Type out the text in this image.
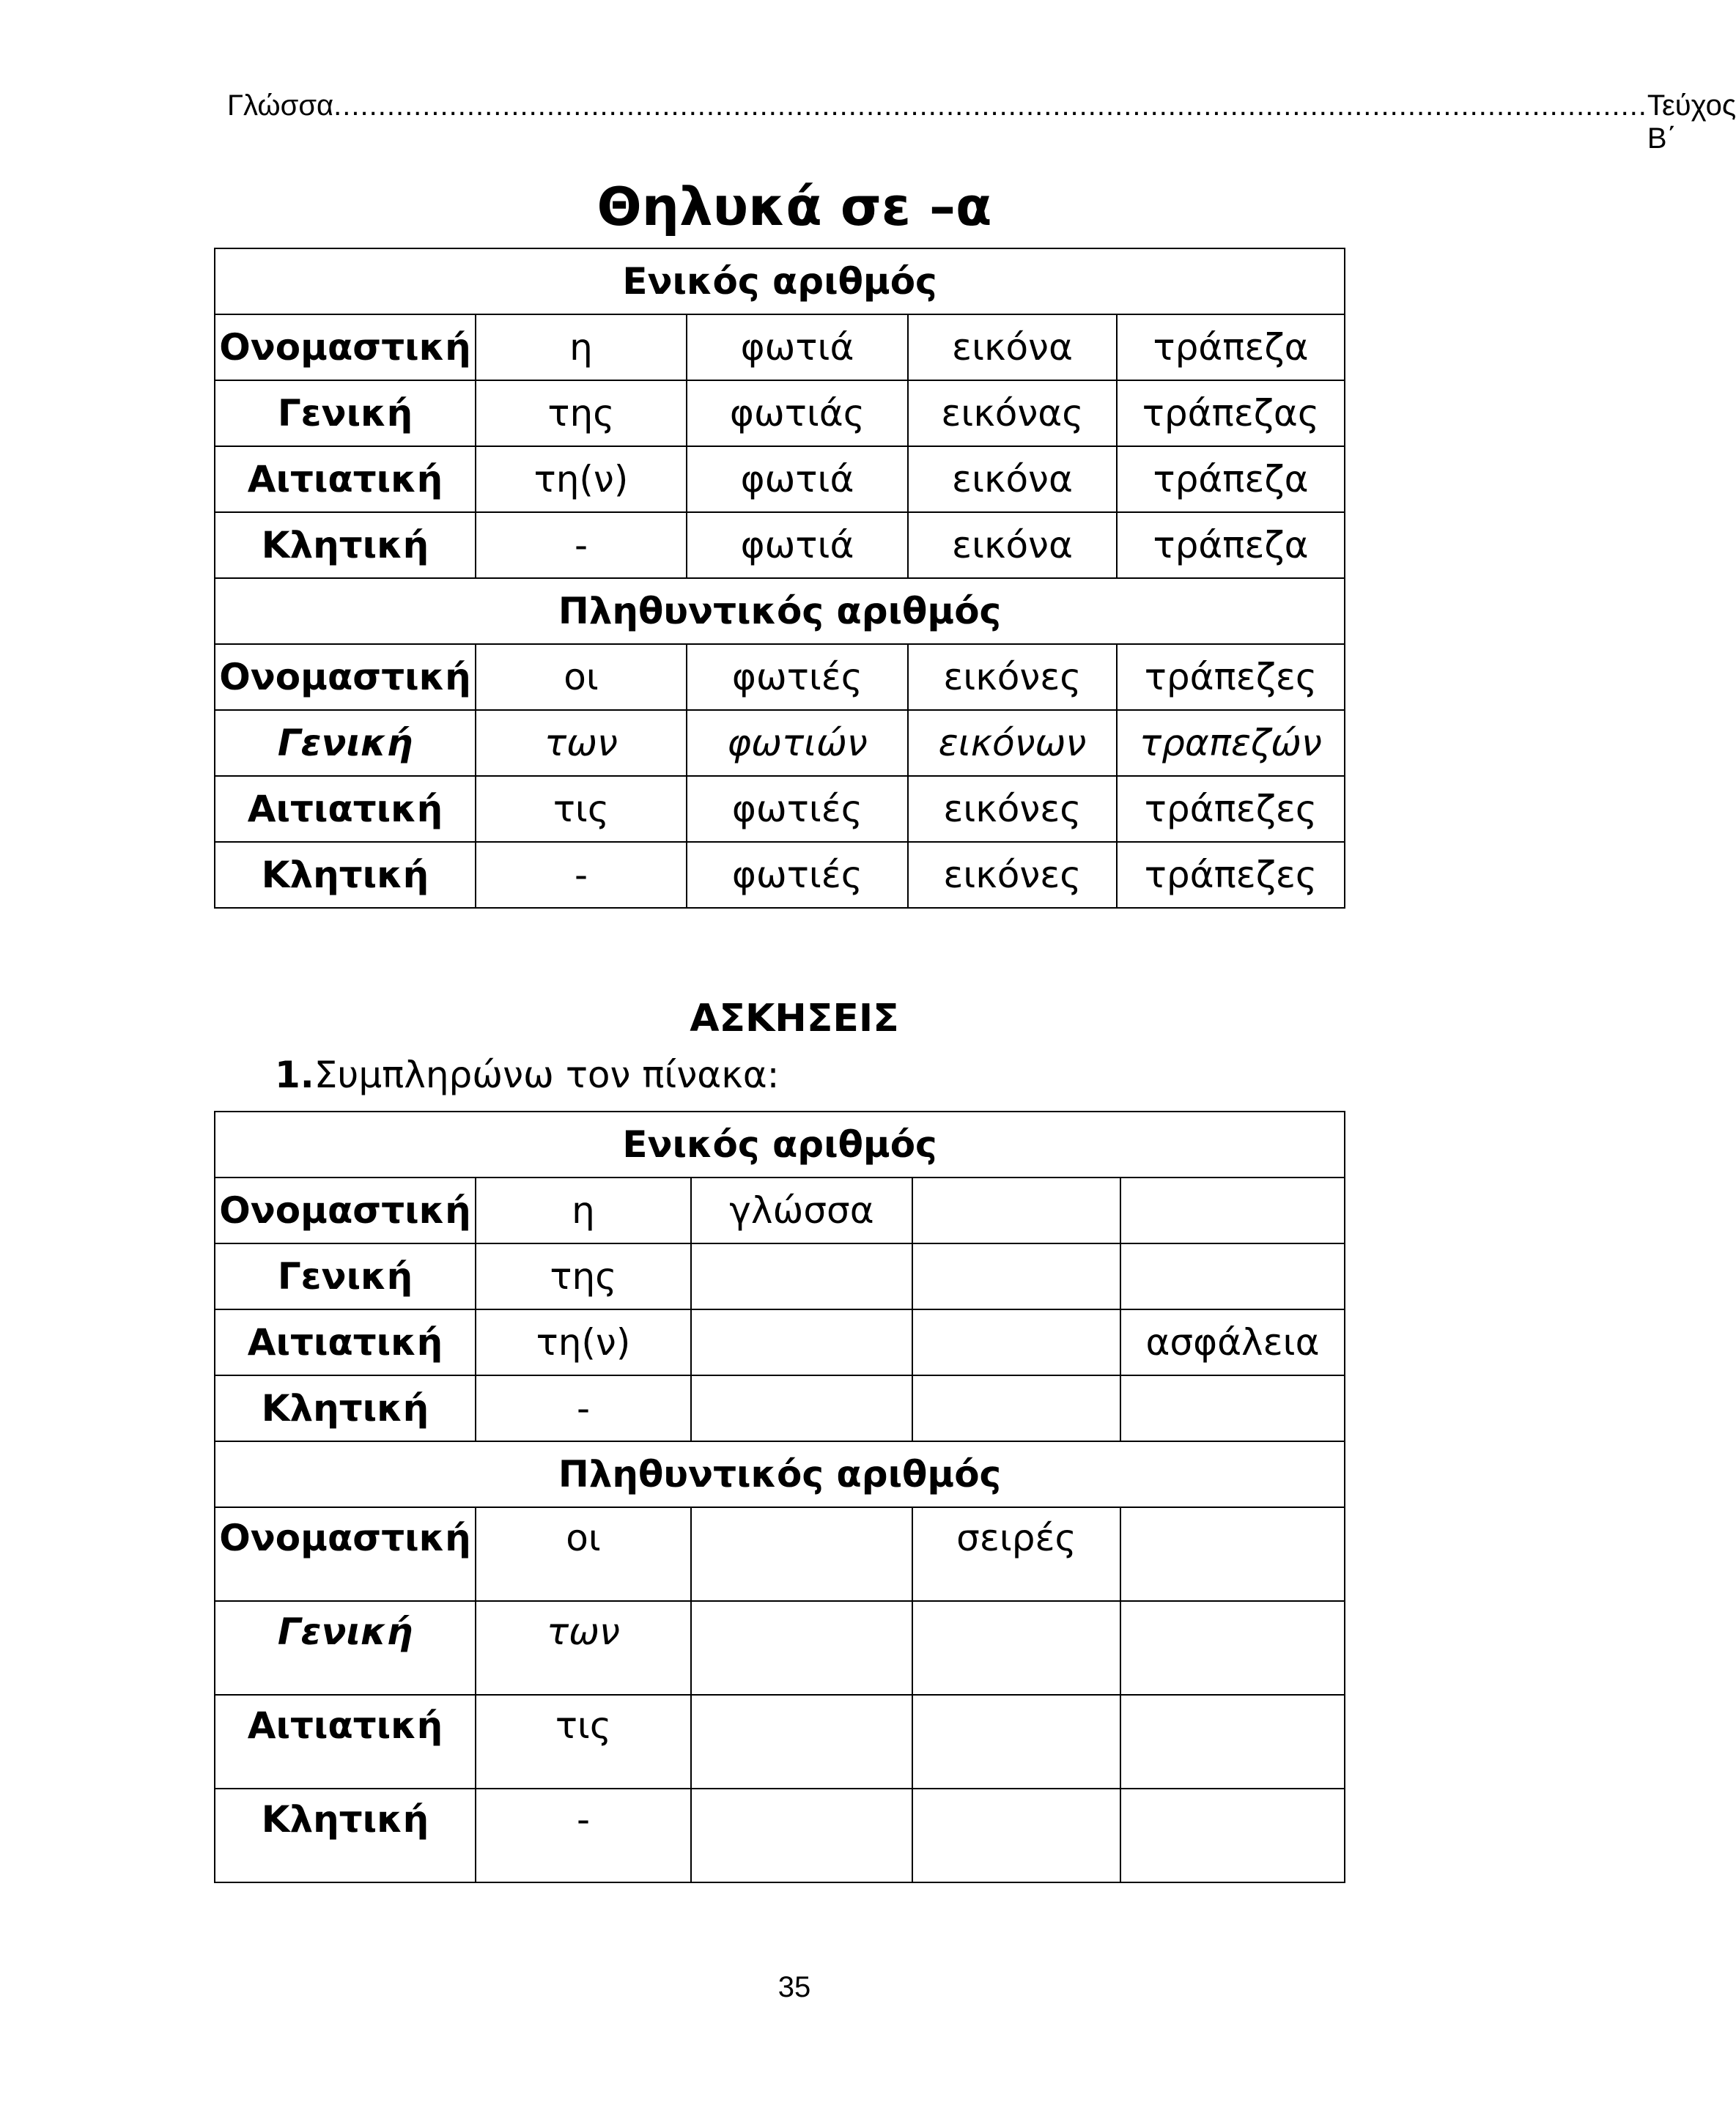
Γλώσσα .................................................................................................................................................... Τεύχος Β΄
Θηλυκά σε –α
Ενικός αριθμός				
Ονομαστική	η	φωτιά	εικόνα	τράπεζα
Γενική	της	φωτιάς	εικόνας	τράπεζας
Αιτιατική	τη(ν)	φωτιά	εικόνα	τράπεζα
Κλητική	-	φωτιά	εικόνα	τράπεζα
Πληθυντικός αριθμός				
Ονομαστική	οι	φωτιές	εικόνες	τράπεζες
Γενική	των	φωτιών	εικόνων	τραπεζών
Αιτιατική	τις	φωτιές	εικόνες	τράπεζες
Κλητική	-	φωτιές	εικόνες	τράπεζες
ΑΣΚΗΣΕΙΣ
1.Συμπληρώνω τον πίνακα:
Ενικός αριθμός				
Ονομαστική	η	γλώσσα		
Γενική	της			
Αιτιατική	τη(ν)			ασφάλεια
Κλητική	-			
Πληθυντικός αριθμός				
Ονομαστική	οι		σειρές	
Γενική	των			
Αιτιατική	τις			
Κλητική	-			
35
